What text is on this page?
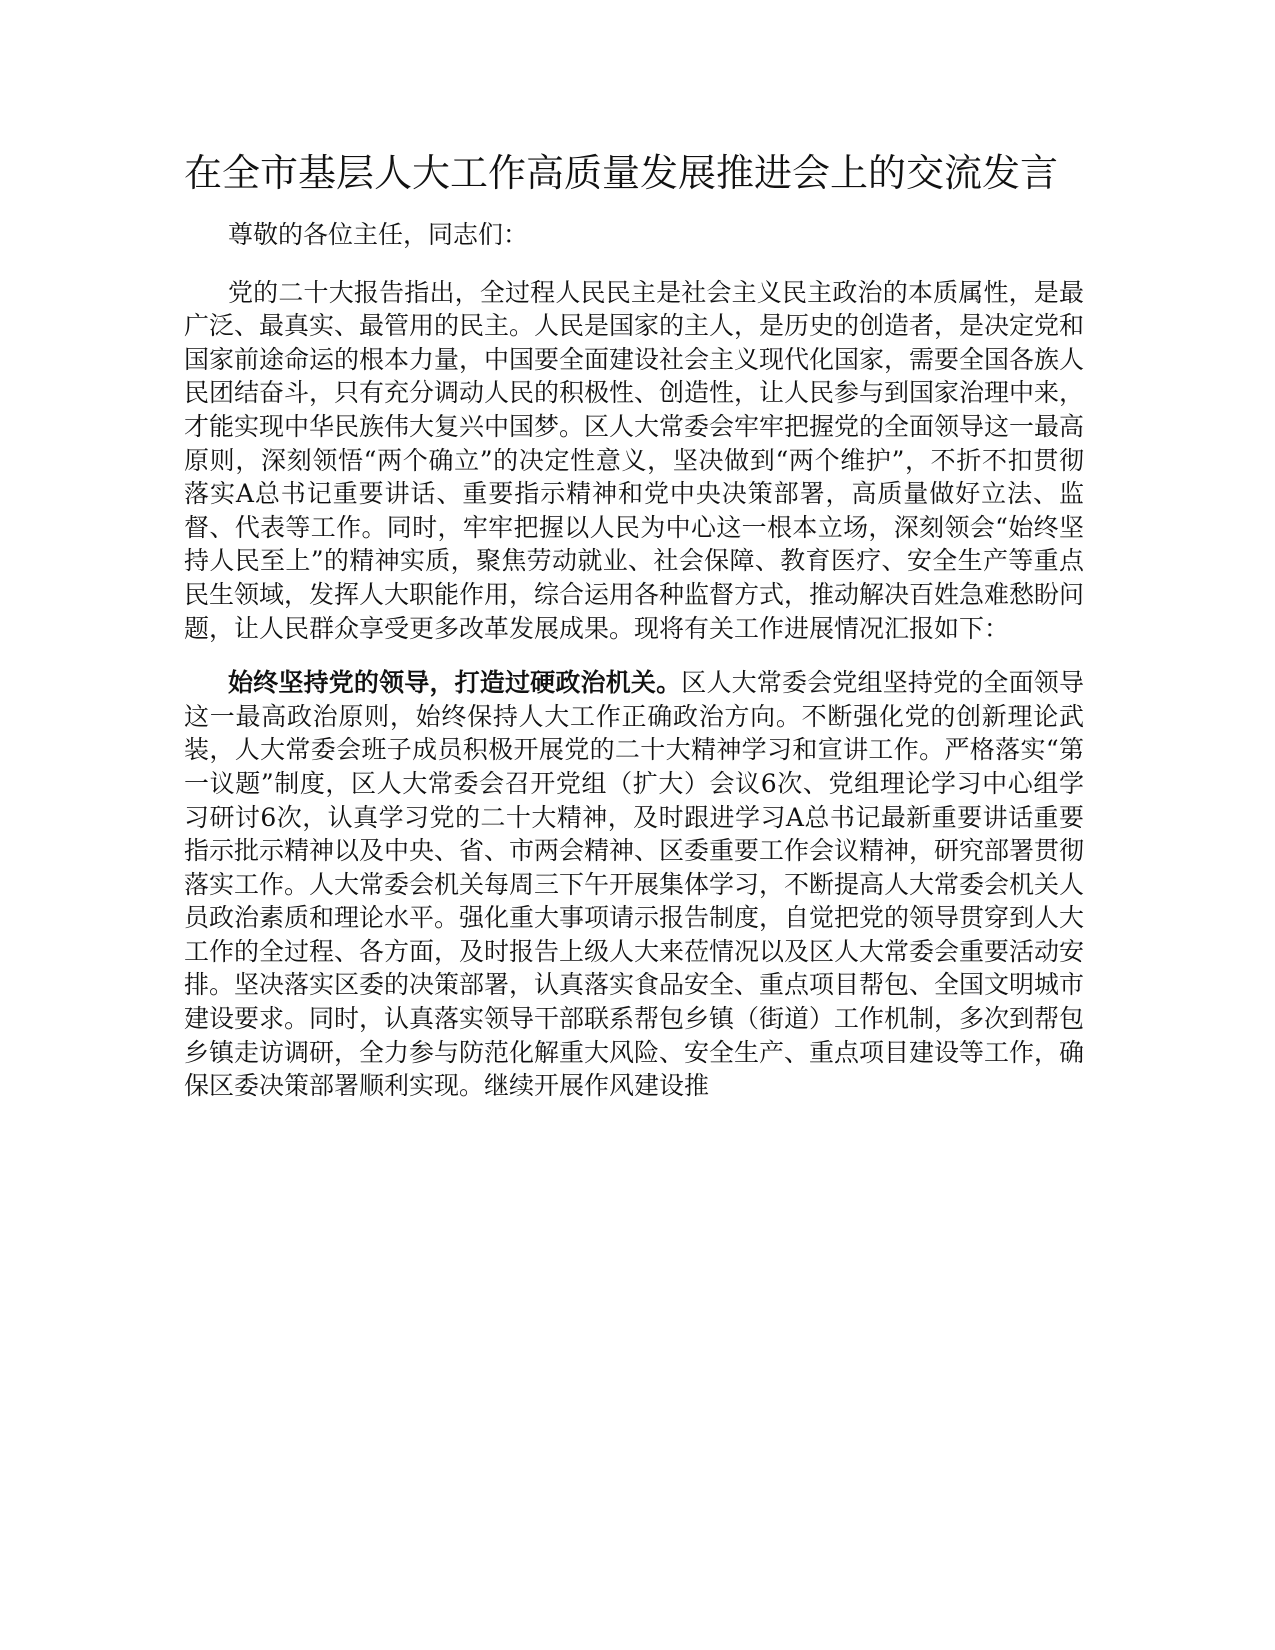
在全市基层人大工作高质量发展推进会上的交流发言

尊敬的各位主任，同志们：

党的二十大报告指出，全过程人民民主是社会主义民主政治的本质属性，是最广泛、最真实、最管用的民主。人民是国家的主人，是历史的创造者，是决定党和国家前途命运的根本力量，中国要全面建设社会主义现代化国家，需要全国各族人民团结奋斗，只有充分调动人民的积极性、创造性，让人民参与到国家治理中来，才能实现中华民族伟大复兴中国梦。区人大常委会牢牢把握党的全面领导这一最高原则，深刻领悟“两个确立”的决定性意义，坚决做到“两个维护”，不折不扣贯彻落实A总书记重要讲话、重要指示精神和党中央决策部署，高质量做好立法、监督、代表等工作。同时，牢牢把握以人民为中心这一根本立场，深刻领会“始终坚持人民至上”的精神实质，聚焦劳动就业、社会保障、教育医疗、安全生产等重点民生领域，发挥人大职能作用，综合运用各种监督方式，推动解决百姓急难愁盼问题，让人民群众享受更多改革发展成果。现将有关工作进展情况汇报如下：

始终坚持党的领导，打造过硬政治机关。区人大常委会党组坚持党的全面领导这一最高政治原则，始终保持人大工作正确政治方向。不断强化党的创新理论武装，人大常委会班子成员积极开展党的二十大精神学习和宣讲工作。严格落实“第一议题”制度，区人大常委会召开党组（扩大）会议6次、党组理论学习中心组学习研讨6次，认真学习党的二十大精神，及时跟进学习A总书记最新重要讲话重要指示批示精神以及中央、省、市两会精神、区委重要工作会议精神，研究部署贯彻落实工作。人大常委会机关每周三下午开展集体学习，不断提高人大常委会机关人员政治素质和理论水平。强化重大事项请示报告制度，自觉把党的领导贯穿到人大工作的全过程、各方面，及时报告上级人大来莅情况以及区人大常委会重要活动安排。坚决落实区委的决策部署，认真落实食品安全、重点项目帮包、全国文明城市建设要求。同时，认真落实领导干部联系帮包乡镇（街道）工作机制，多次到帮包乡镇走访调研，全力参与防范化解重大风险、安全生产、重点项目建设等工作，确保区委决策部署顺利实现。继续开展作风建设推
